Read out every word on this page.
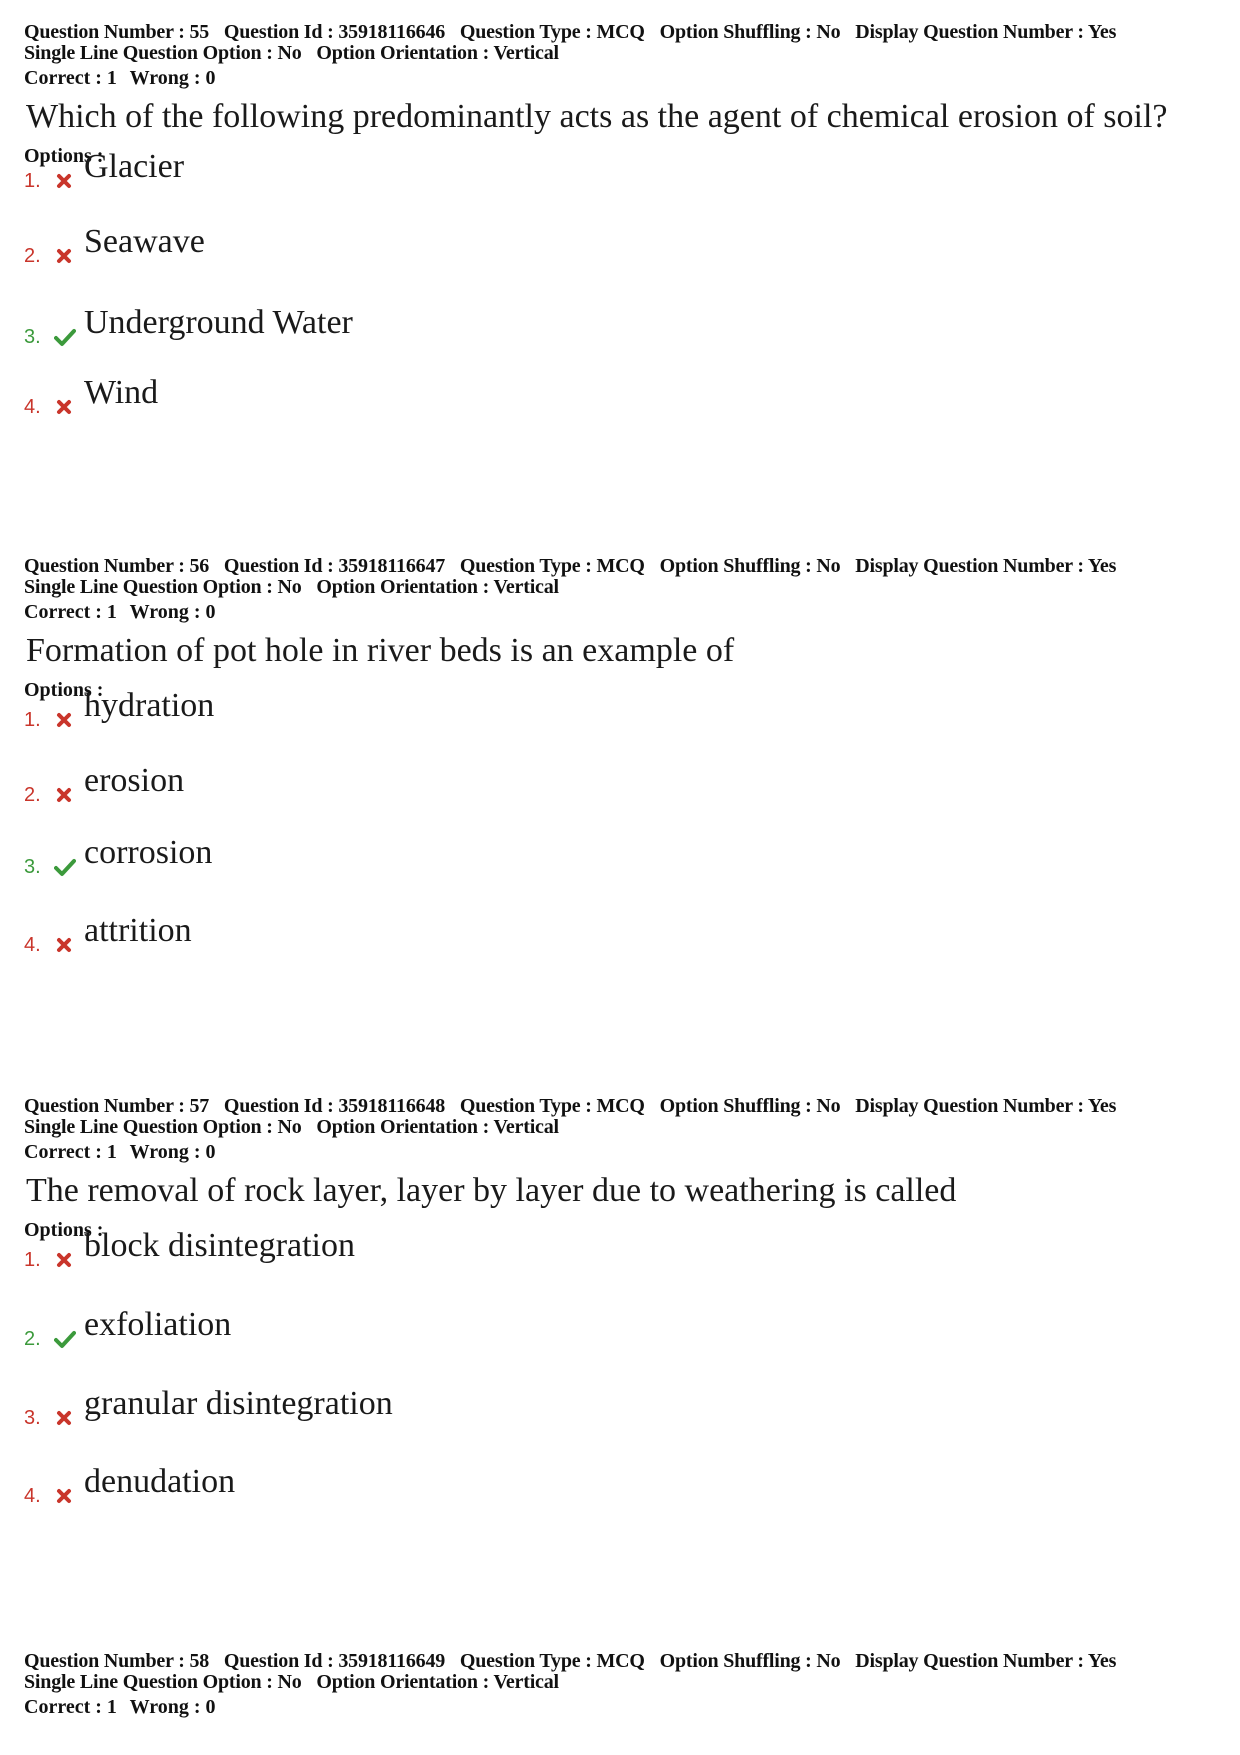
Question Number : 55 Question Id : 35918116646 Question Type : MCQ Option Shuffling : No Display Question Number : Yes
Single Line Question Option : No Option Orientation : Vertical
Correct : 1 Wrong : 0
Which of the following predominantly acts as the agent of chemical erosion of soil?
Options :
1. Glacier
2. Seawave
3. Underground Water
4. Wind
Question Number : 56 Question Id : 35918116647 Question Type : MCQ Option Shuffling : No Display Question Number : Yes
Single Line Question Option : No Option Orientation : Vertical
Correct : 1 Wrong : 0
Formation of pot hole in river beds is an example of
Options :
1. hydration
2. erosion
3. corrosion
4. attrition
Question Number : 57 Question Id : 35918116648 Question Type : MCQ Option Shuffling : No Display Question Number : Yes
Single Line Question Option : No Option Orientation : Vertical
Correct : 1 Wrong : 0
The removal of rock layer, layer by layer due to weathering is called
Options :
1. block disintegration
2. exfoliation
3. granular disintegration
4. denudation
Question Number : 58 Question Id : 35918116649 Question Type : MCQ Option Shuffling : No Display Question Number : Yes
Single Line Question Option : No Option Orientation : Vertical
Correct : 1 Wrong : 0
